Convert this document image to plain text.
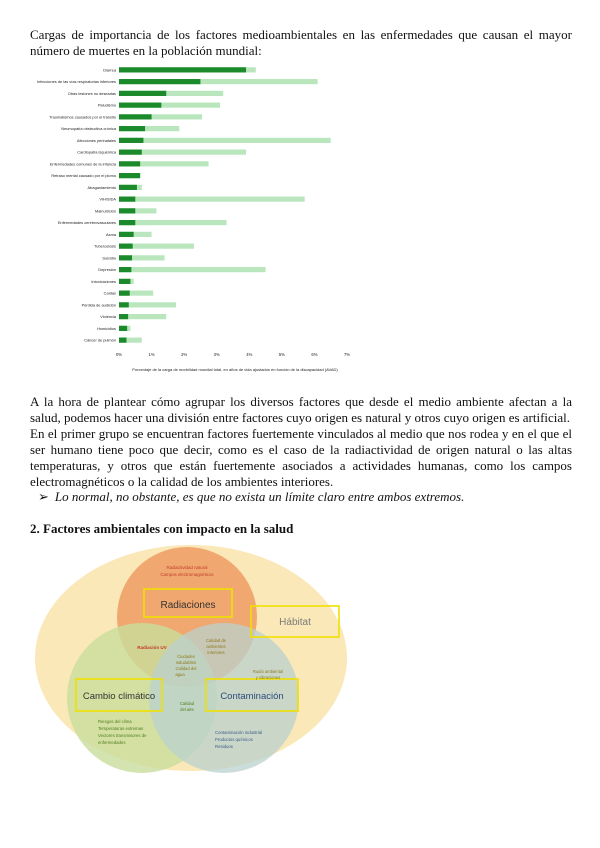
Cargas de importancia de los factores medioambientales en las enfermedades que causan el mayor número de muertes en la población mundial:
Diarrea
Infecciones de las vías respiratorias inferiores
Otras lesiones no deseadas
Paludismo
Traumatismos causados por el tránsito
Neumopatía obstructiva crónica
Afecciones perinatales
Cardiopatía isquémica
Enfermedades comunes de la infancia
Retraso mental causado por el plomo
Atragantamiento
VIH/SIDA
Malnutrición
Enfermedades cerebrovasculares
Asma
Tuberculosis
Suicidio
Depresión
Intoxicaciones
Caídas
Pérdida de audición
Violencia
Homicidios
Cáncer de pulmón
0%	1%	2%	3%	4%	5%	6%	7%
Porcentaje de la carga de morbilidad mundial total, en años de vida ajustados en función de la discapacidad (AVAD)

A la hora de plantear cómo agrupar los diversos factores que desde el medio ambiente afectan a la salud, podemos hacer una división entre factores cuyo origen es natural y otros cuyo origen es artificial.

En el primer grupo se encuentran factores fuertemente vinculados al medio que nos rodea y en el que el ser humano tiene poco que decir, como es el caso de la radiactividad de origen natural o las altas temperaturas, y otros que están fuertemente asociados a actividades humanas, como los campos electromagnéticos o la calidad de los ambientes interiores.

➢ Lo normal, no obstante, es que no exista un límite claro entre ambos extremos.
2. Factores ambientales con impacto en la salud
Radiaciones
Hábitat
Cambio climático	Contaminación
Radiactividad natural
Campos electromagnéticos
Radiación UV
Calidad de
ambientes
interiores
Ciudades
saludables
Calidad del
agua
Ruido ambiental
y vibraciones
Calidad
del aire
Riesgos del clima
Temperaturas extremas
Vectores transmisores de
enfermedades
Contaminación industrial
Productos químicos
Residuos
